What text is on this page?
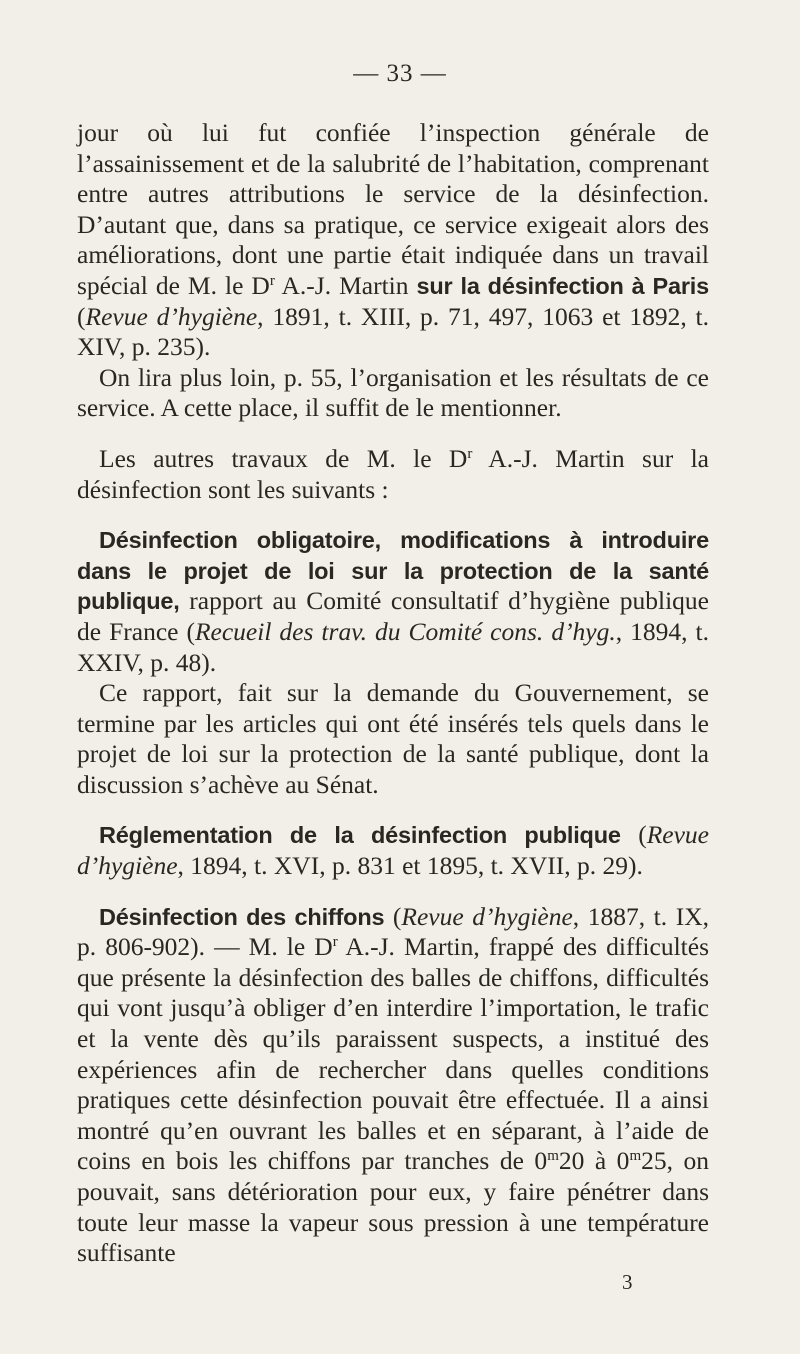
— 33 —

jour où lui fut confiée l’inspection générale de l’assainissement et de la salubrité de l’habitation, comprenant entre autres attributions le service de la désinfection. D’autant que, dans sa pratique, ce service exigeait alors des améliorations, dont une partie était indiquée dans un travail spécial de M. le $D^r$ A.-J. Martin sur la désinfection à Paris (Revue d’hygiène, 1891, t. XIII, p. 71, 497, 1063 et 1892, t. XIV, p. 235).

On lira plus loin, p. 55, l’organisation et les résultats de ce service. A cette place, il suffit de le mentionner.

Les autres travaux de M. le $D^r$ A.-J. Martin sur la désinfection sont les suivants :

Désinfection obligatoire, modifications à introduire dans le projet de loi sur la protection de la santé publique, rapport au Comité consultatif d’hygiène publique de France (Recueil des trav. du Comité cons. d’hyg., 1894, t. XXIV, p. 48).

Ce rapport, fait sur la demande du Gouvernement, se termine par les articles qui ont été insérés tels quels dans le projet de loi sur la protection de la santé publique, dont la discussion s’achève au Sénat.

Réglementation de la désinfection publique (Revue d’hygiène, 1894, t. XVI, p. 831 et 1895, t. XVII, p. 29).

Désinfection des chiffons (Revue d’hygiène, 1887, t. IX, p. 806-902). — M. le $D^r$ A.-J. Martin, frappé des difficultés que présente la désinfection des balles de chiffons, difficultés qui vont jusqu’à obliger d’en interdire l’importation, le trafic et la vente dès qu’ils paraissent suspects, a institué des expériences afin de rechercher dans quelles conditions pratiques cette désinfection pouvait être effectuée. Il a ainsi montré qu’en ouvrant les balles et en séparant, à l’aide de coins en bois les chiffons par tranches de 0$^m$20 à 0$^m$25, on pouvait, sans détérioration pour eux, y faire pénétrer dans toute leur masse la vapeur sous pression à une température suffisante

3
